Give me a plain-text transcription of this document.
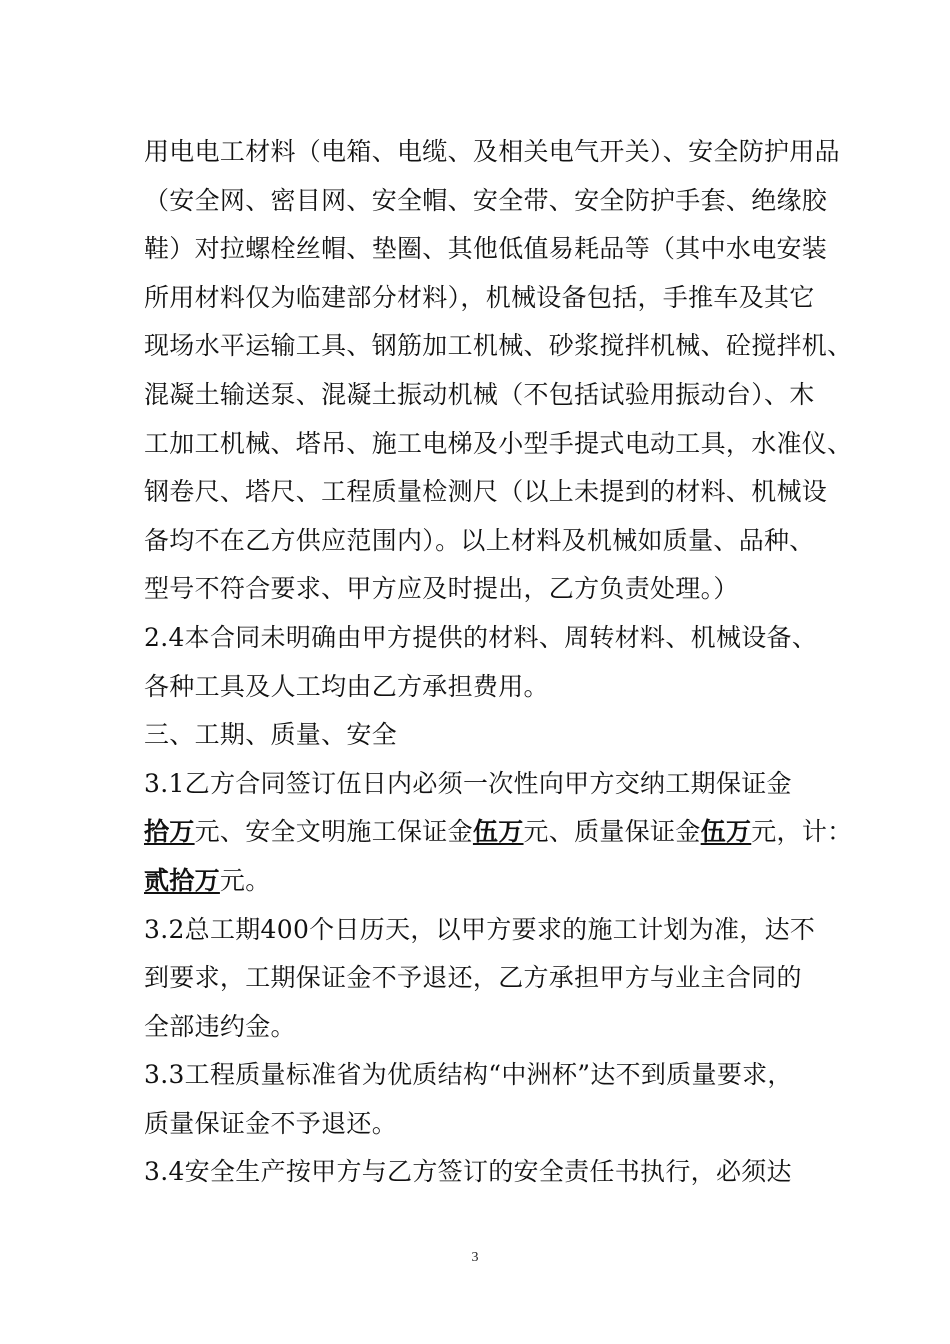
用电电工材料（电箱、电缆、及相关电气开关）、安全防护用品
（安全网、密目网、安全帽、安全带、安全防护手套、绝缘胶
鞋）对拉螺栓丝帽、垫圈、其他低值易耗品等（其中水电安装
所用材料仅为临建部分材料），机械设备包括，手推车及其它
现场水平运输工具、钢筋加工机械、砂浆搅拌机械、砼搅拌机、
混凝土输送泵、混凝土振动机械（不包括试验用振动台）、木
工加工机械、塔吊、施工电梯及小型手提式电动工具，水准仪、
钢卷尺、塔尺、工程质量检测尺（以上未提到的材料、机械设
备均不在乙方供应范围内）。以上材料及机械如质量、品种、
型号不符合要求、甲方应及时提出，乙方负责处理。）
2.4本合同未明确由甲方提供的材料、周转材料、机械设备、
各种工具及人工均由乙方承担费用。
三、工期、质量、安全
3.1乙方合同签订伍日内必须一次性向甲方交纳工期保证金
拾万元、安全文明施工保证金伍万元、质量保证金伍万元，计：
贰拾万元。
3.2总工期400个日历天，以甲方要求的施工计划为准，达不
到要求，工期保证金不予退还，乙方承担甲方与业主合同的
全部违约金。
3.3工程质量标准省为优质结构“中洲杯”达不到质量要求，
质量保证金不予退还。
3.4安全生产按甲方与乙方签订的安全责任书执行，必须达
3
